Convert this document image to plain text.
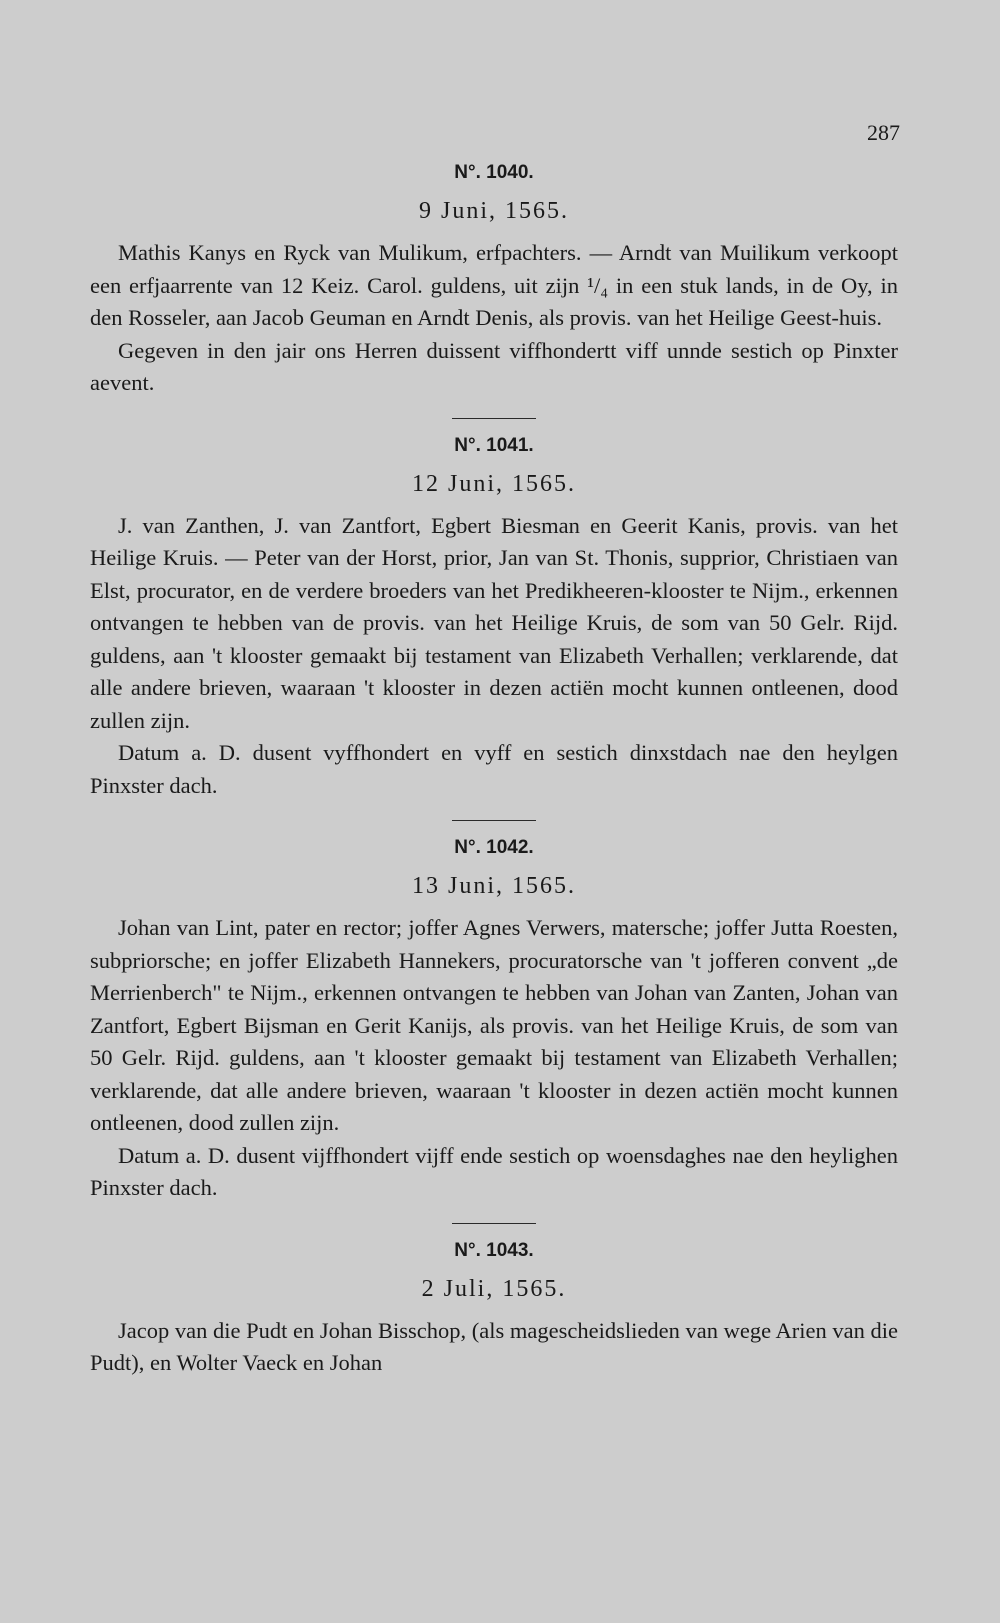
287
N°. 1040.
9 Juni, 1565.

Mathis Kanys en Ryck van Mulikum, erfpachters. — Arndt van Muilikum verkoopt een erfjaarrente van 12 Keiz. Carol. guldens, uit zijn ¹/₄ in een stuk lands, in de Oy, in den Rosseler, aan Jacob Geuman en Arndt Denis, als provis. van het Heilige Geest-huis.

Gegeven in den jair ons Herren duissent viffhondertt viff unnde sestich op Pinxter aevent.

N°. 1041.
12 Juni, 1565.

J. van Zanthen, J. van Zantfort, Egbert Biesman en Geerit Kanis, provis. van het Heilige Kruis. — Peter van der Horst, prior, Jan van St. Thonis, supprior, Christiaen van Elst, procurator, en de verdere broeders van het Predikheeren-klooster te Nijm., erkennen ontvangen te hebben van de provis. van het Heilige Kruis, de som van 50 Gelr. Rijd. guldens, aan 't klooster gemaakt bij testament van Elizabeth Verhallen; verklarende, dat alle andere brieven, waaraan 't klooster in dezen actiën mocht kunnen ontleenen, dood zullen zijn.

Datum a. D. dusent vyffhondert en vyff en sestich dinxstdach nae den heylgen Pinxster dach.

N°. 1042.
13 Juni, 1565.

Johan van Lint, pater en rector; joffer Agnes Verwers, matersche; joffer Jutta Roesten, subpriorsche; en joffer Elizabeth Hannekers, procuratorsche van 't jofferen convent „de Merrienberch" te Nijm., erkennen ontvangen te hebben van Johan van Zanten, Johan van Zantfort, Egbert Bijsman en Gerit Kanijs, als provis. van het Heilige Kruis, de som van 50 Gelr. Rijd. guldens, aan 't klooster gemaakt bij testament van Elizabeth Verhallen; verklarende, dat alle andere brieven, waaraan 't klooster in dezen actiën mocht kunnen ontleenen, dood zullen zijn.

Datum a. D. dusent vijffhondert vijff ende sestich op woensdaghes nae den heylighen Pinxster dach.

N°. 1043.
2 Juli, 1565.

Jacop van die Pudt en Johan Bisschop, (als magescheidslieden van wege Arien van die Pudt), en Wolter Vaeck en Johan
